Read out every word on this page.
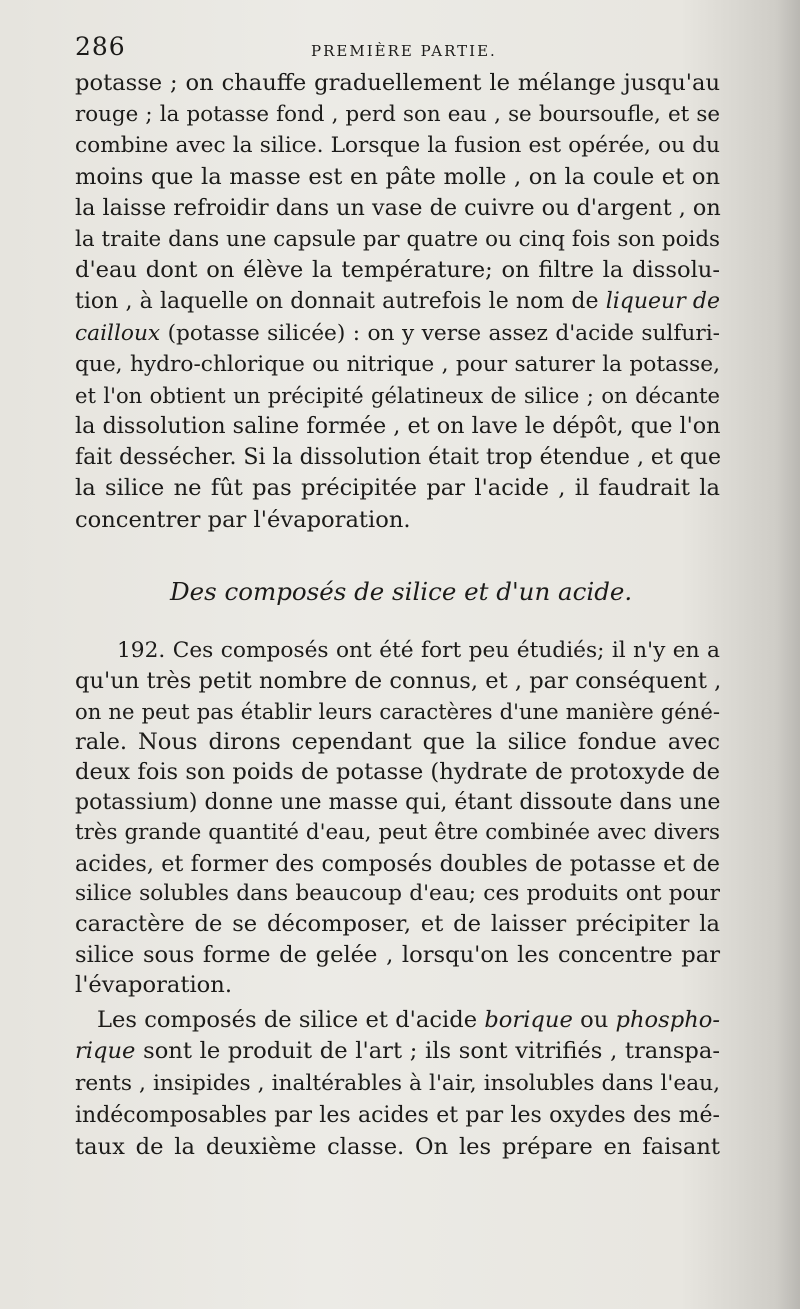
286	PREMIÈRE PARTIE.
potasse ; on chauffe graduellement le mélange jusqu'au
rouge ; la potasse fond , perd son eau , se boursoufle, et se
combine avec la silice. Lorsque la fusion est opérée, ou du
moins que la masse est en pâte molle , on la coule et on
la laisse refroidir dans un vase de cuivre ou d'argent , on
la traite dans une capsule par quatre ou cinq fois son poids
d'eau dont on élève la température; on filtre la dissolu-
tion , à laquelle on donnait autrefois le nom de liqueur de
cailloux (potasse silicée) : on y verse assez d'acide sulfuri-
que, hydro-chlorique ou nitrique , pour saturer la potasse,
et l'on obtient un précipité gélatineux de silice ; on décante
la dissolution saline formée , et on lave le dépôt, que l'on
fait dessécher. Si la dissolution était trop étendue , et que
la silice ne fût pas précipitée par l'acide , il faudrait la
concentrer par l'évaporation.
Des composés de silice et d'un acide.
192. Ces composés ont été fort peu étudiés; il n'y en a
qu'un très petit nombre de connus, et , par conséquent ,
on ne peut pas établir leurs caractères d'une manière géné-
rale. Nous dirons cependant que la silice fondue avec
deux fois son poids de potasse (hydrate de protoxyde de
potassium) donne une masse qui, étant dissoute dans une
très grande quantité d'eau, peut être combinée avec divers
acides, et former des composés doubles de potasse et de
silice solubles dans beaucoup d'eau; ces produits ont pour
caractère de se décomposer, et de laisser précipiter la
silice sous forme de gelée , lorsqu'on les concentre par
l'évaporation.
Les composés de silice et d'acide borique ou phospho-
rique sont le produit de l'art ; ils sont vitrifiés , transpa-
rents , insipides , inaltérables à l'air, insolubles dans l'eau,
indécomposables par les acides et par les oxydes des mé-
taux de la deuxième classe. On les prépare en faisant
